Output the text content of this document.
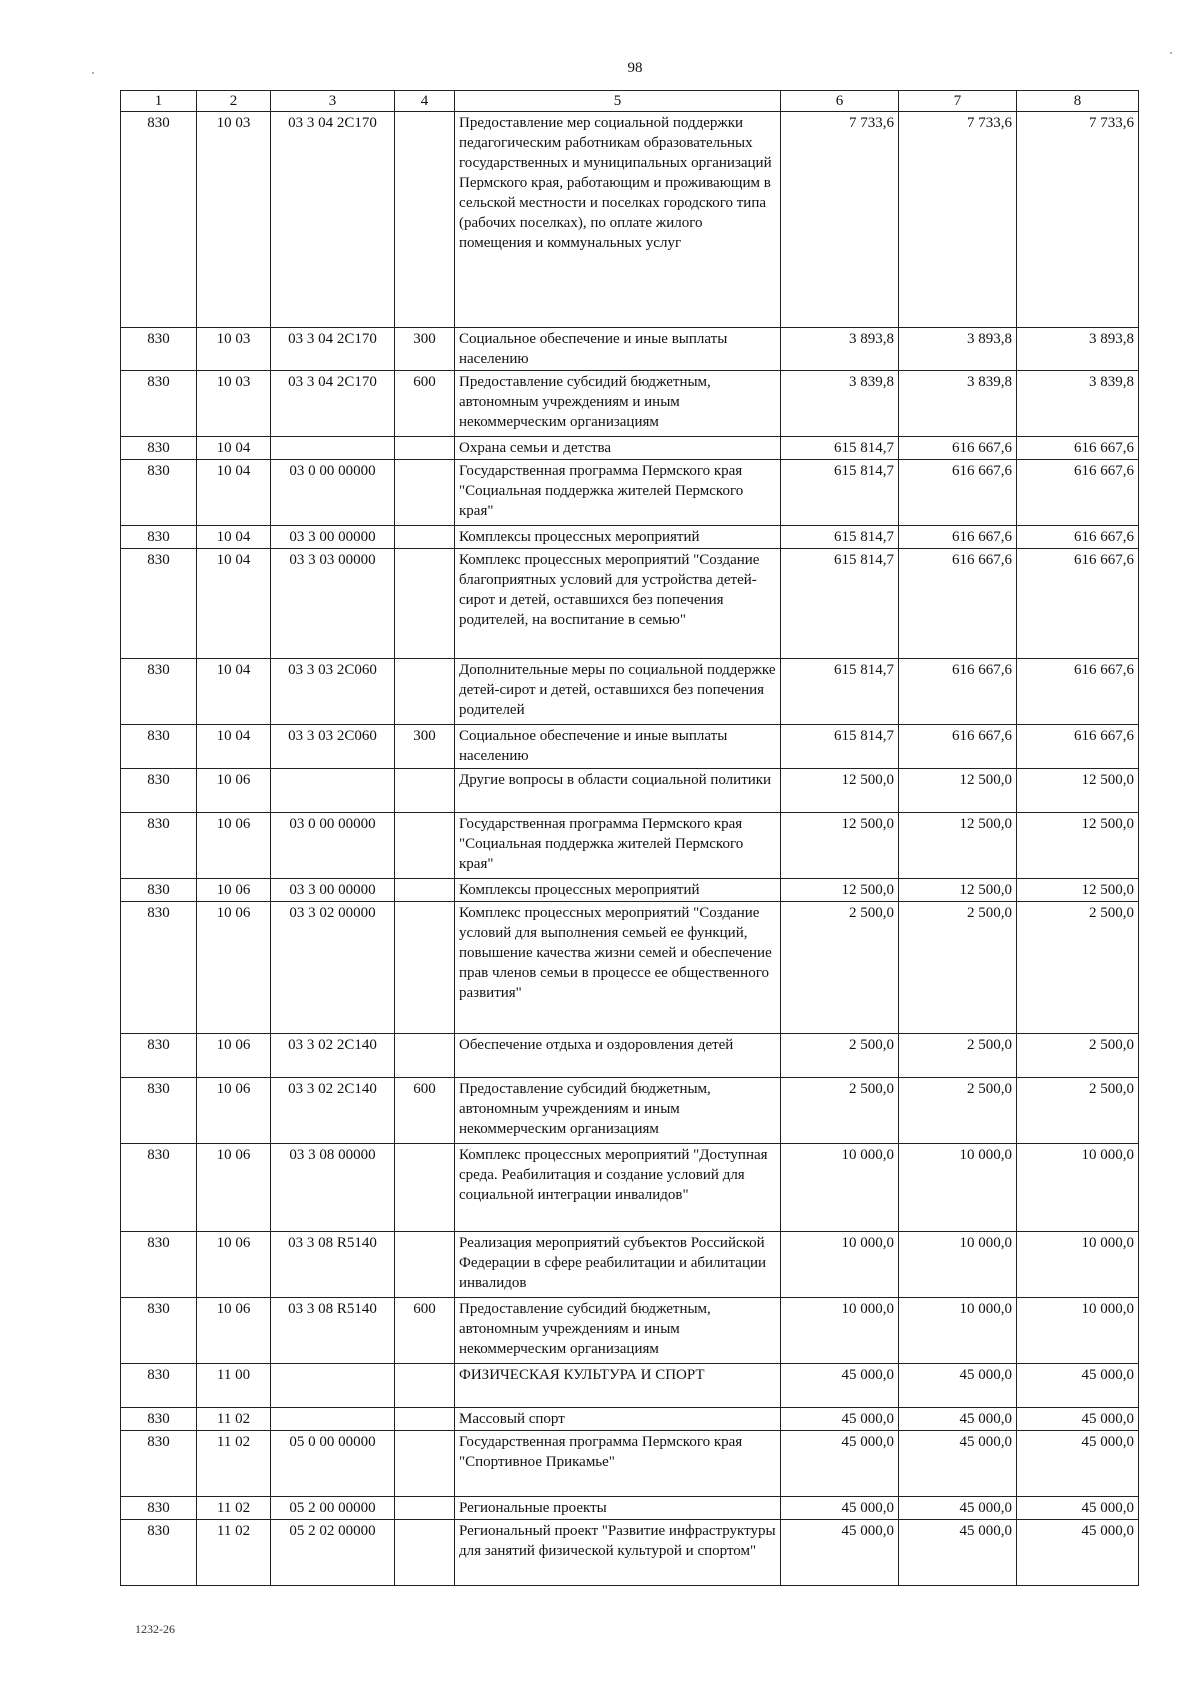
98
1	2	3	4	5	6	7	8
830	10 03	03 3 04 2С170		Предоставление мер социальной поддержки педагогическим работникам образовательных государственных и муниципальных организаций Пермского края, работающим и проживающим в сельской местности и поселках городского типа (рабочих поселках), по оплате жилого помещения и коммунальных услуг	7 733,6	7 733,6	7 733,6
830	10 03	03 3 04 2С170	300	Социальное обеспечение и иные выплаты населению	3 893,8	3 893,8	3 893,8
830	10 03	03 3 04 2С170	600	Предоставление субсидий бюджетным, автономным учреждениям и иным некоммерческим организациям	3 839,8	3 839,8	3 839,8
830	10 04			Охрана семьи и детства	615 814,7	616 667,6	616 667,6
830	10 04	03 0 00 00000		Государственная программа Пермского края "Социальная поддержка жителей Пермского края"	615 814,7	616 667,6	616 667,6
830	10 04	03 3 00 00000		Комплексы процессных мероприятий	615 814,7	616 667,6	616 667,6
830	10 04	03 3 03 00000		Комплекс процессных мероприятий "Создание благоприятных условий для устройства детей-сирот и детей, оставшихся без попечения родителей, на воспитание в семью"	615 814,7	616 667,6	616 667,6
830	10 04	03 3 03 2С060		Дополнительные меры по социальной поддержке детей-сирот и детей, оставшихся без попечения родителей	615 814,7	616 667,6	616 667,6
830	10 04	03 3 03 2С060	300	Социальное обеспечение и иные выплаты населению	615 814,7	616 667,6	616 667,6
830	10 06			Другие вопросы в области социальной политики	12 500,0	12 500,0	12 500,0
830	10 06	03 0 00 00000		Государственная программа Пермского края "Социальная поддержка жителей Пермского края"	12 500,0	12 500,0	12 500,0
830	10 06	03 3 00 00000		Комплексы процессных мероприятий	12 500,0	12 500,0	12 500,0
830	10 06	03 3 02 00000		Комплекс процессных мероприятий "Создание условий для выполнения семьей ее функций, повышение качества жизни семей и обеспечение прав членов семьи в процессе ее общественного развития"	2 500,0	2 500,0	2 500,0
830	10 06	03 3 02 2С140		Обеспечение отдыха и оздоровления детей	2 500,0	2 500,0	2 500,0
830	10 06	03 3 02 2С140	600	Предоставление субсидий бюджетным, автономным учреждениям и иным некоммерческим организациям	2 500,0	2 500,0	2 500,0
830	10 06	03 3 08 00000		Комплекс процессных мероприятий "Доступная среда. Реабилитация и создание условий для социальной интеграции инвалидов"	10 000,0	10 000,0	10 000,0
830	10 06	03 3 08 R5140		Реализация мероприятий субъектов Российской Федерации в сфере реабилитации и абилитации инвалидов	10 000,0	10 000,0	10 000,0
830	10 06	03 3 08 R5140	600	Предоставление субсидий бюджетным, автономным учреждениям и иным некоммерческим организациям	10 000,0	10 000,0	10 000,0
830	11 00			ФИЗИЧЕСКАЯ КУЛЬТУРА И СПОРТ	45 000,0	45 000,0	45 000,0
830	11 02			Массовый спорт	45 000,0	45 000,0	45 000,0
830	11 02	05 0 00 00000		Государственная программа Пермского края "Спортивное Прикамье"	45 000,0	45 000,0	45 000,0
830	11 02	05 2 00 00000		Региональные проекты	45 000,0	45 000,0	45 000,0
830	11 02	05 2 02 00000		Региональный проект "Развитие инфраструктуры для занятий физической культурой и спортом"	45 000,0	45 000,0	45 000,0
1232-26
